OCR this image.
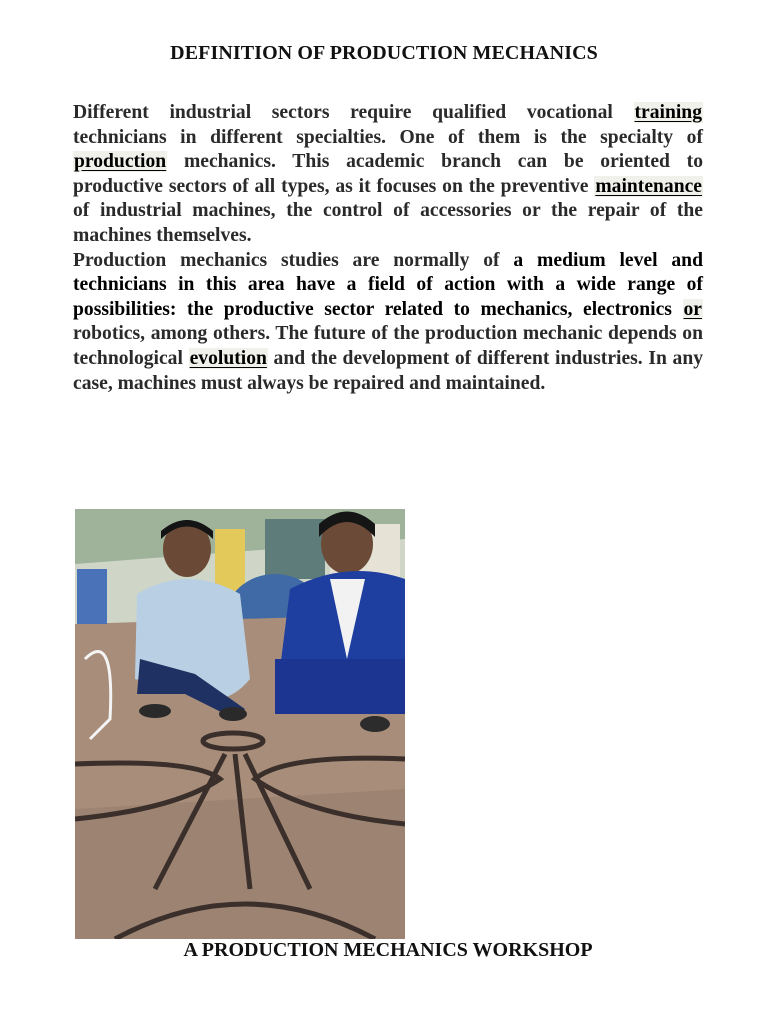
DEFINITION OF PRODUCTION MECHANICS

Different industrial sectors require qualified vocational training technicians in different specialties. One of them is the specialty of production mechanics. This academic branch can be oriented to productive sectors of all types, as it focuses on the preventive maintenance of industrial machines, the control of accessories or the repair of the machines themselves.

Production mechanics studies are normally of a medium level and technicians in this area have a field of action with a wide range of possibilities: the productive sector related to mechanics, electronics or robotics, among others. The future of the production mechanic depends on technological evolution and the development of different industries. In any case, machines must always be repaired and maintained.

A PRODUCTION MECHANICS WORKSHOP
